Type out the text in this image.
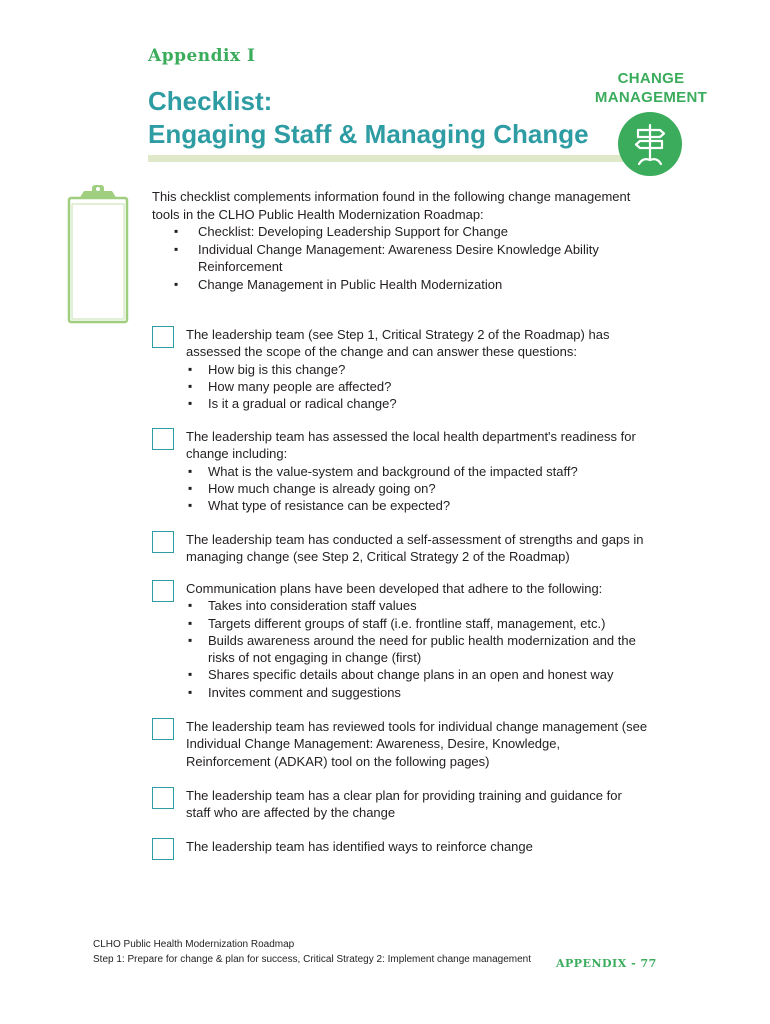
Appendix I
Checklist:
Engaging Staff & Managing Change
CHANGE
MANAGEMENT

This checklist complements information found in the following change management tools in the CLHO Public Health Modernization Roadmap:

▪ Checklist: Developing Leadership Support for Change
▪ Individual Change Management: Awareness Desire Knowledge Ability Reinforcement
▪ Change Management in Public Health Modernization

The leadership team (see Step 1, Critical Strategy 2 of the Roadmap) has assessed the scope of the change and can answer these questions:

▪ How big is this change?
▪ How many people are affected?
▪ Is it a gradual or radical change?

The leadership team has assessed the local health department's readiness for change including:

▪ What is the value-system and background of the impacted staff?
▪ How much change is already going on?
▪ What type of resistance can be expected?

The leadership team has conducted a self-assessment of strengths and gaps in managing change (see Step 2, Critical Strategy 2 of the Roadmap)

Communication plans have been developed that adhere to the following:

▪ Takes into consideration staff values
▪ Targets different groups of staff (i.e. frontline staff, management, etc.)
▪ Builds awareness around the need for public health modernization and the risks of not engaging in change (first)
▪ Shares specific details about change plans in an open and honest way
▪ Invites comment and suggestions

The leadership team has reviewed tools for individual change management (see Individual Change Management: Awareness, Desire, Knowledge, Reinforcement (ADKAR) tool on the following pages)

The leadership team has a clear plan for providing training and guidance for staff who are affected by the change

The leadership team has identified ways to reinforce change

CLHO Public Health Modernization Roadmap
Step 1: Prepare for change & plan for success, Critical Strategy 2: Implement change management APPENDIX - 77
